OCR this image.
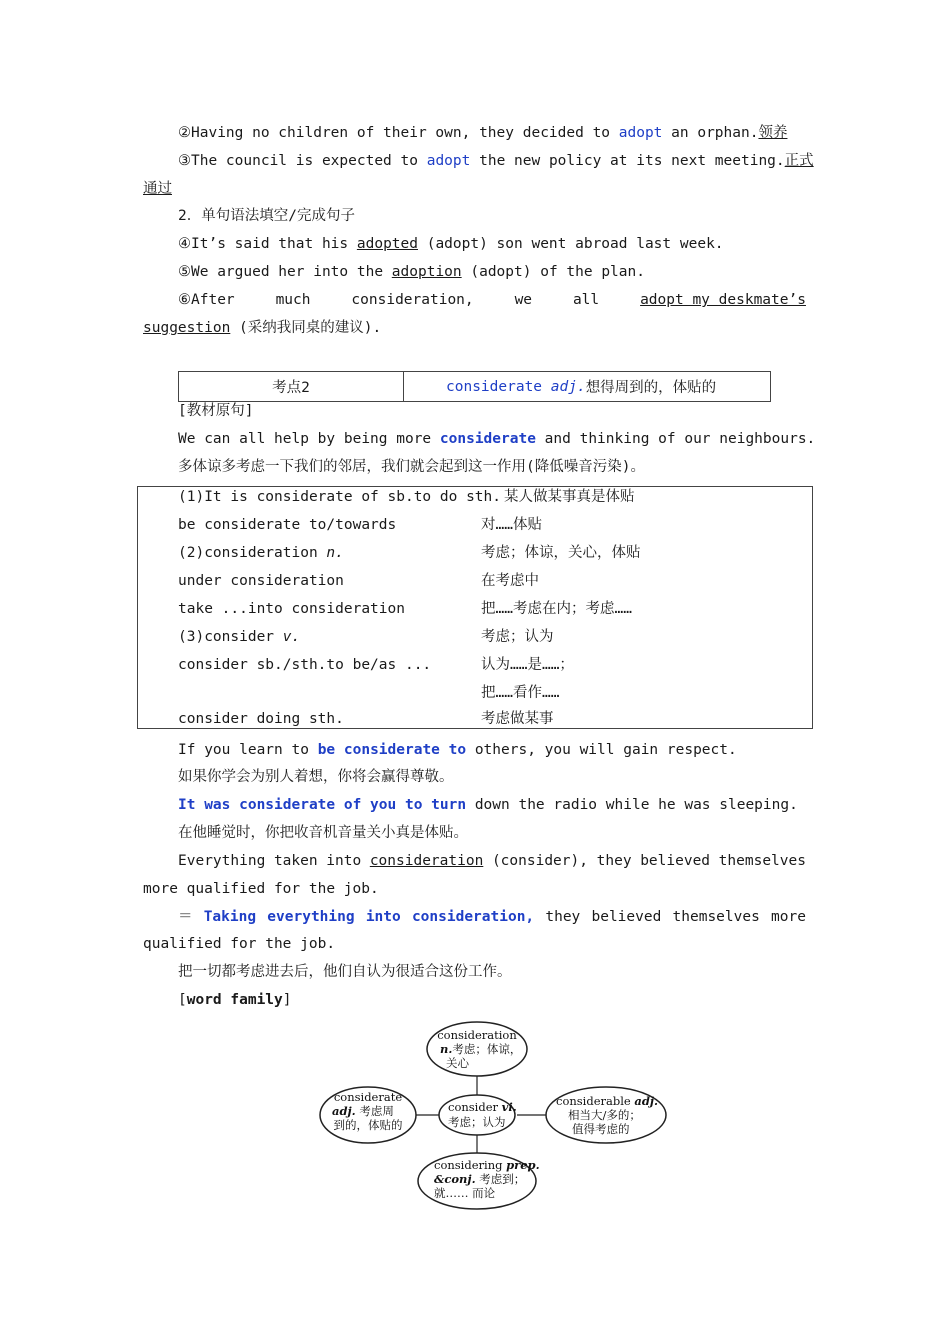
②Having no children of their own, they decided to adopt an orphan.领养
③The council is expected to adopt the new policy at its next meeting.正式
通过
2．单句语法填空/完成句子
④It’s said that his adopted (adopt) son went abroad last week.
⑤We argued her into the adoption (adopt) of the plan.
⑥After	much	consideration,	we	all	adopt my deskmate’s
suggestion (采纳我同桌的建议).
考点2	considerate
adj. 想得周到的，体贴的
[教材原句]
We can all help by being more considerate and thinking of our neighbours.
多体谅多考虑一下我们的邻居，我们就会起到这一作用(降低噪音污染)。
(1)It is considerate of sb.to do sth. 某人做某事真是体贴
be considerate to/towards	对……体贴
(2)consideration n.	考虑；体谅，关心，体贴
under consideration	在考虑中
take ...into consideration	把……考虑在内；考虑……
(3)consider v.	考虑；认为
consider sb./sth.to be/as ...	认为……是……；
把……看作……
consider doing sth.	考虑做某事
If you learn to be considerate to others, you will gain respect.
如果你学会为别人着想，你将会赢得尊敬。
It was considerate of you to turn down the radio while he was sleeping.
在他睡觉时，你把收音机音量关小真是体贴。
Everything taken into consideration (consider), they believed themselves
more qualified for the job.
＝ Taking everything into consideration, they believed themselves more
qualified for the job.
把一切都考虑进去后，他们自认为很适合这份工作。
[word family]
consideration
n.考虑；体谅，
关心
consider vi.
考虑；认为
considerate
adj. 考虑周
到的，体贴的
considerable adj.
相当大/多的；
值得考虑的
considering prep.
&conj. 考虑到；
就…… 而论
